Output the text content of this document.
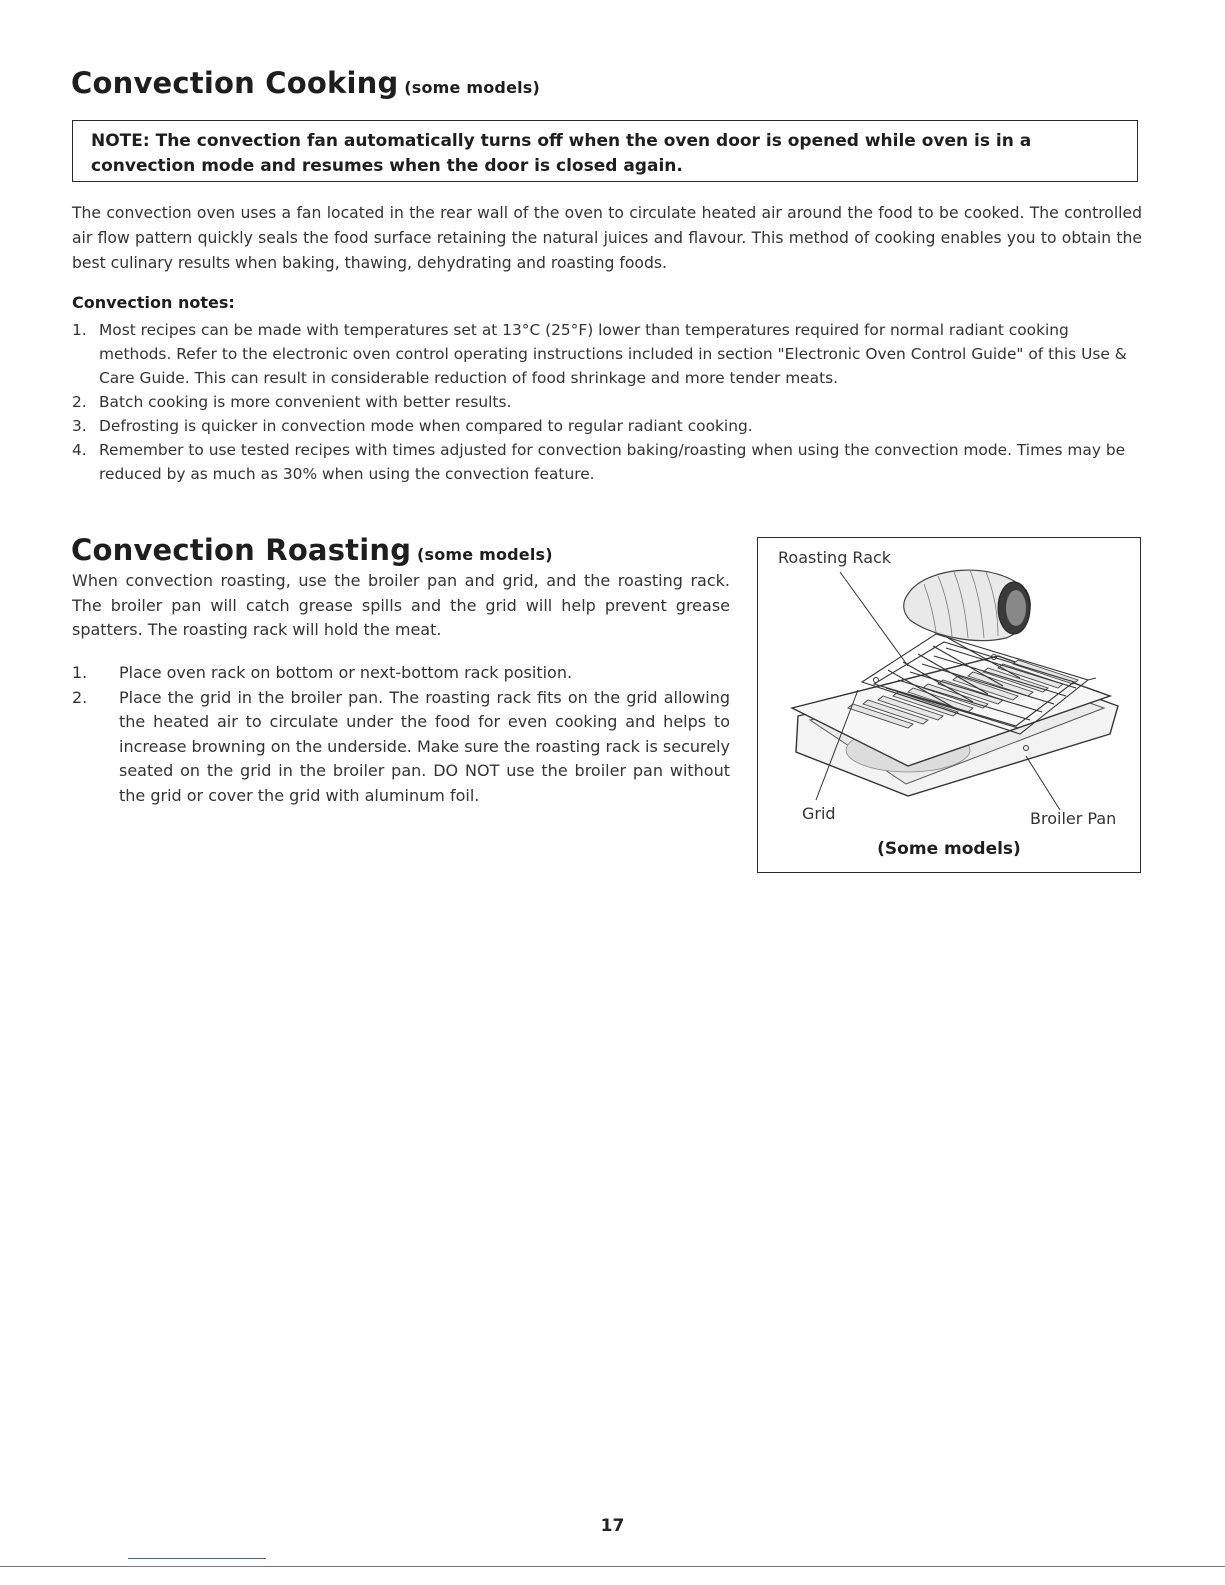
Convection Cooking (some models)
NOTE: The convection fan automatically turns off when the oven door is opened while oven is in a convection mode and resumes when the door is closed again.
The convection oven uses a fan located in the rear wall of the oven to circulate heated air around the food to be cooked. The controlled air flow pattern quickly seals the food surface retaining the natural juices and flavour. This method of cooking enables you to obtain the best culinary results when baking, thawing, dehydrating and roasting foods.
Convection notes:
1. Most recipes can be made with temperatures set at 13°C (25°F) lower than temperatures required for normal radiant cooking methods. Refer to the electronic oven control operating instructions included in section "Electronic Oven Control Guide" of this Use & Care Guide. This can result in considerable reduction of food shrinkage and more tender meats.
2. Batch cooking is more convenient with better results.
3. Defrosting is quicker in convection mode when compared to regular radiant cooking.
4. Remember to use tested recipes with times adjusted for convection baking/roasting when using the convection mode. Times may be reduced by as much as 30% when using the convection feature.
Convection Roasting (some models)
When convection roasting, use the broiler pan and grid, and the roasting rack. The broiler pan will catch grease spills and the grid will help prevent grease spatters. The roasting rack will hold the meat.
1. Place oven rack on bottom or next-bottom rack position.
2. Place the grid in the broiler pan. The roasting rack fits on the grid allowing the heated air to circulate under the food for even cooking and helps to increase browning on the underside. Make sure the roasting rack is securely seated on the grid in the broiler pan. DO NOT use the broiler pan without the grid or cover the grid with aluminum foil.
Roasting Rack
Grid	Broiler Pan
(Some models)
17
